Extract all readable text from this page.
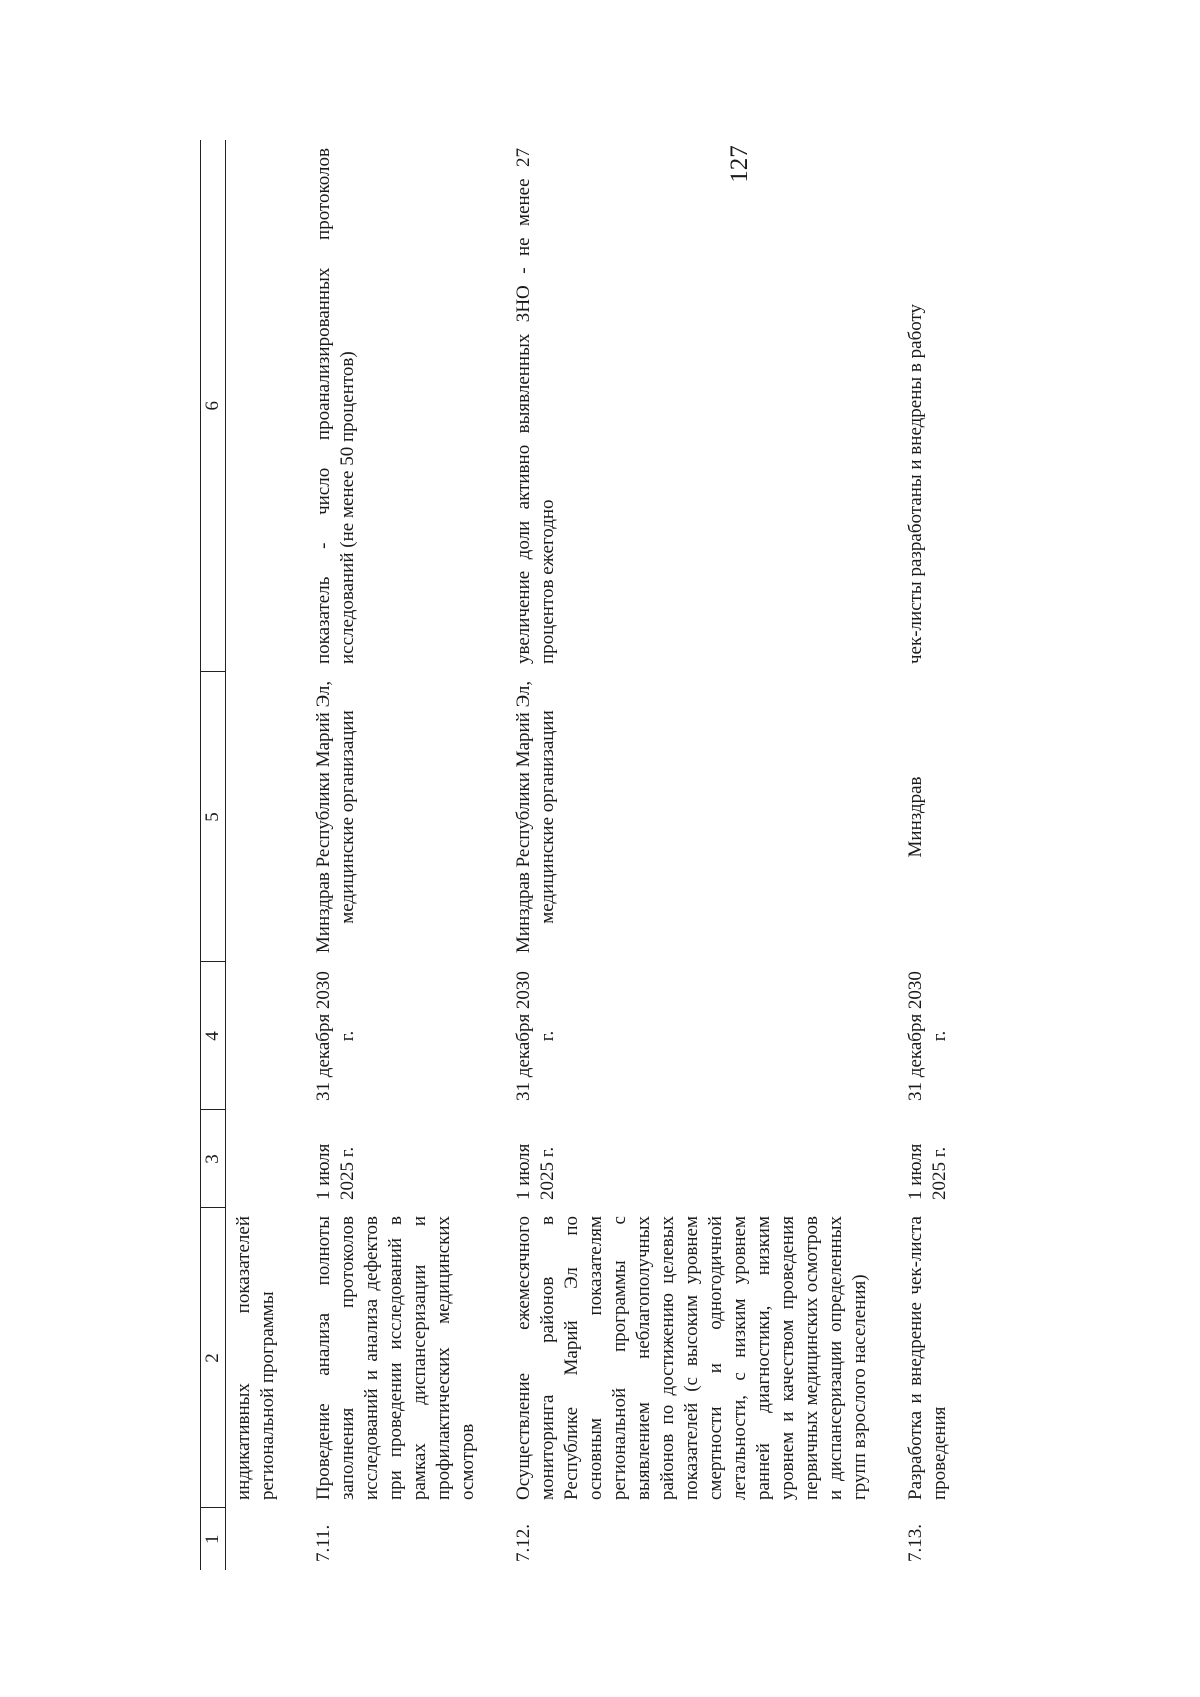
127
1	2	3	4	5	6
	индикативных показателей региональной программы				
7.11.	Проведение анализа полноты заполнения протоколов исследований и анализа дефектов при проведении исследований в рамках диспансеризации и профилактических медицинских осмотров	1 июля 2025 г.	31 декабря 2030 г.	Минздрав Республики Марий Эл, медицинские организации	показатель - число проанализированных протоколов исследований (не менее 50 процентов)
7.12.	Осуществление ежемесячного мониторинга районов в Республике Марий Эл по основным показателям региональной программы с выявлением неблагополучных районов по достижению целевых показателей (с высоким уровнем смертности и одногодичной летальности, с низким уровнем ранней диагностики, низким уровнем и качеством проведения первичных медицинских осмотров и диспансеризации определенных групп взрослого населения)	1 июля 2025 г.	31 декабря 2030 г.	Минздрав Республики Марий Эл, медицинские организации	увеличение доли активно выявленных ЗНО - не менее 27 процентов ежегодно
7.13.	Разработка и внедрение чек-листа проведения	1 июля 2025 г.	31 декабря 2030 г.	Минздрав	чек-листы разработаны и внедрены в работу
